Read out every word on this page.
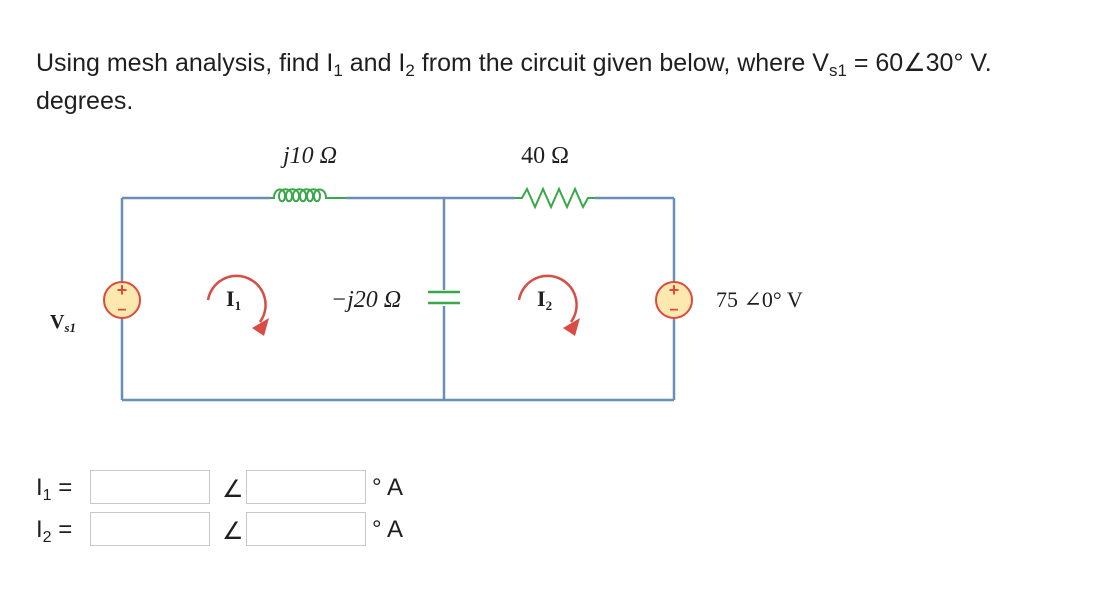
Using mesh analysis, find $I_1$ and $I_2$ from the circuit given below, where $V_{s1}$ = 60∠30° V.
degrees.
j10 Ω	40 Ω
−j20 Ω
+
−
$V_{s1}$
+
− 75 ∠0° V
I1	I2
$I_1$ =	∠	° A
$I_2$ =	∠	° A
